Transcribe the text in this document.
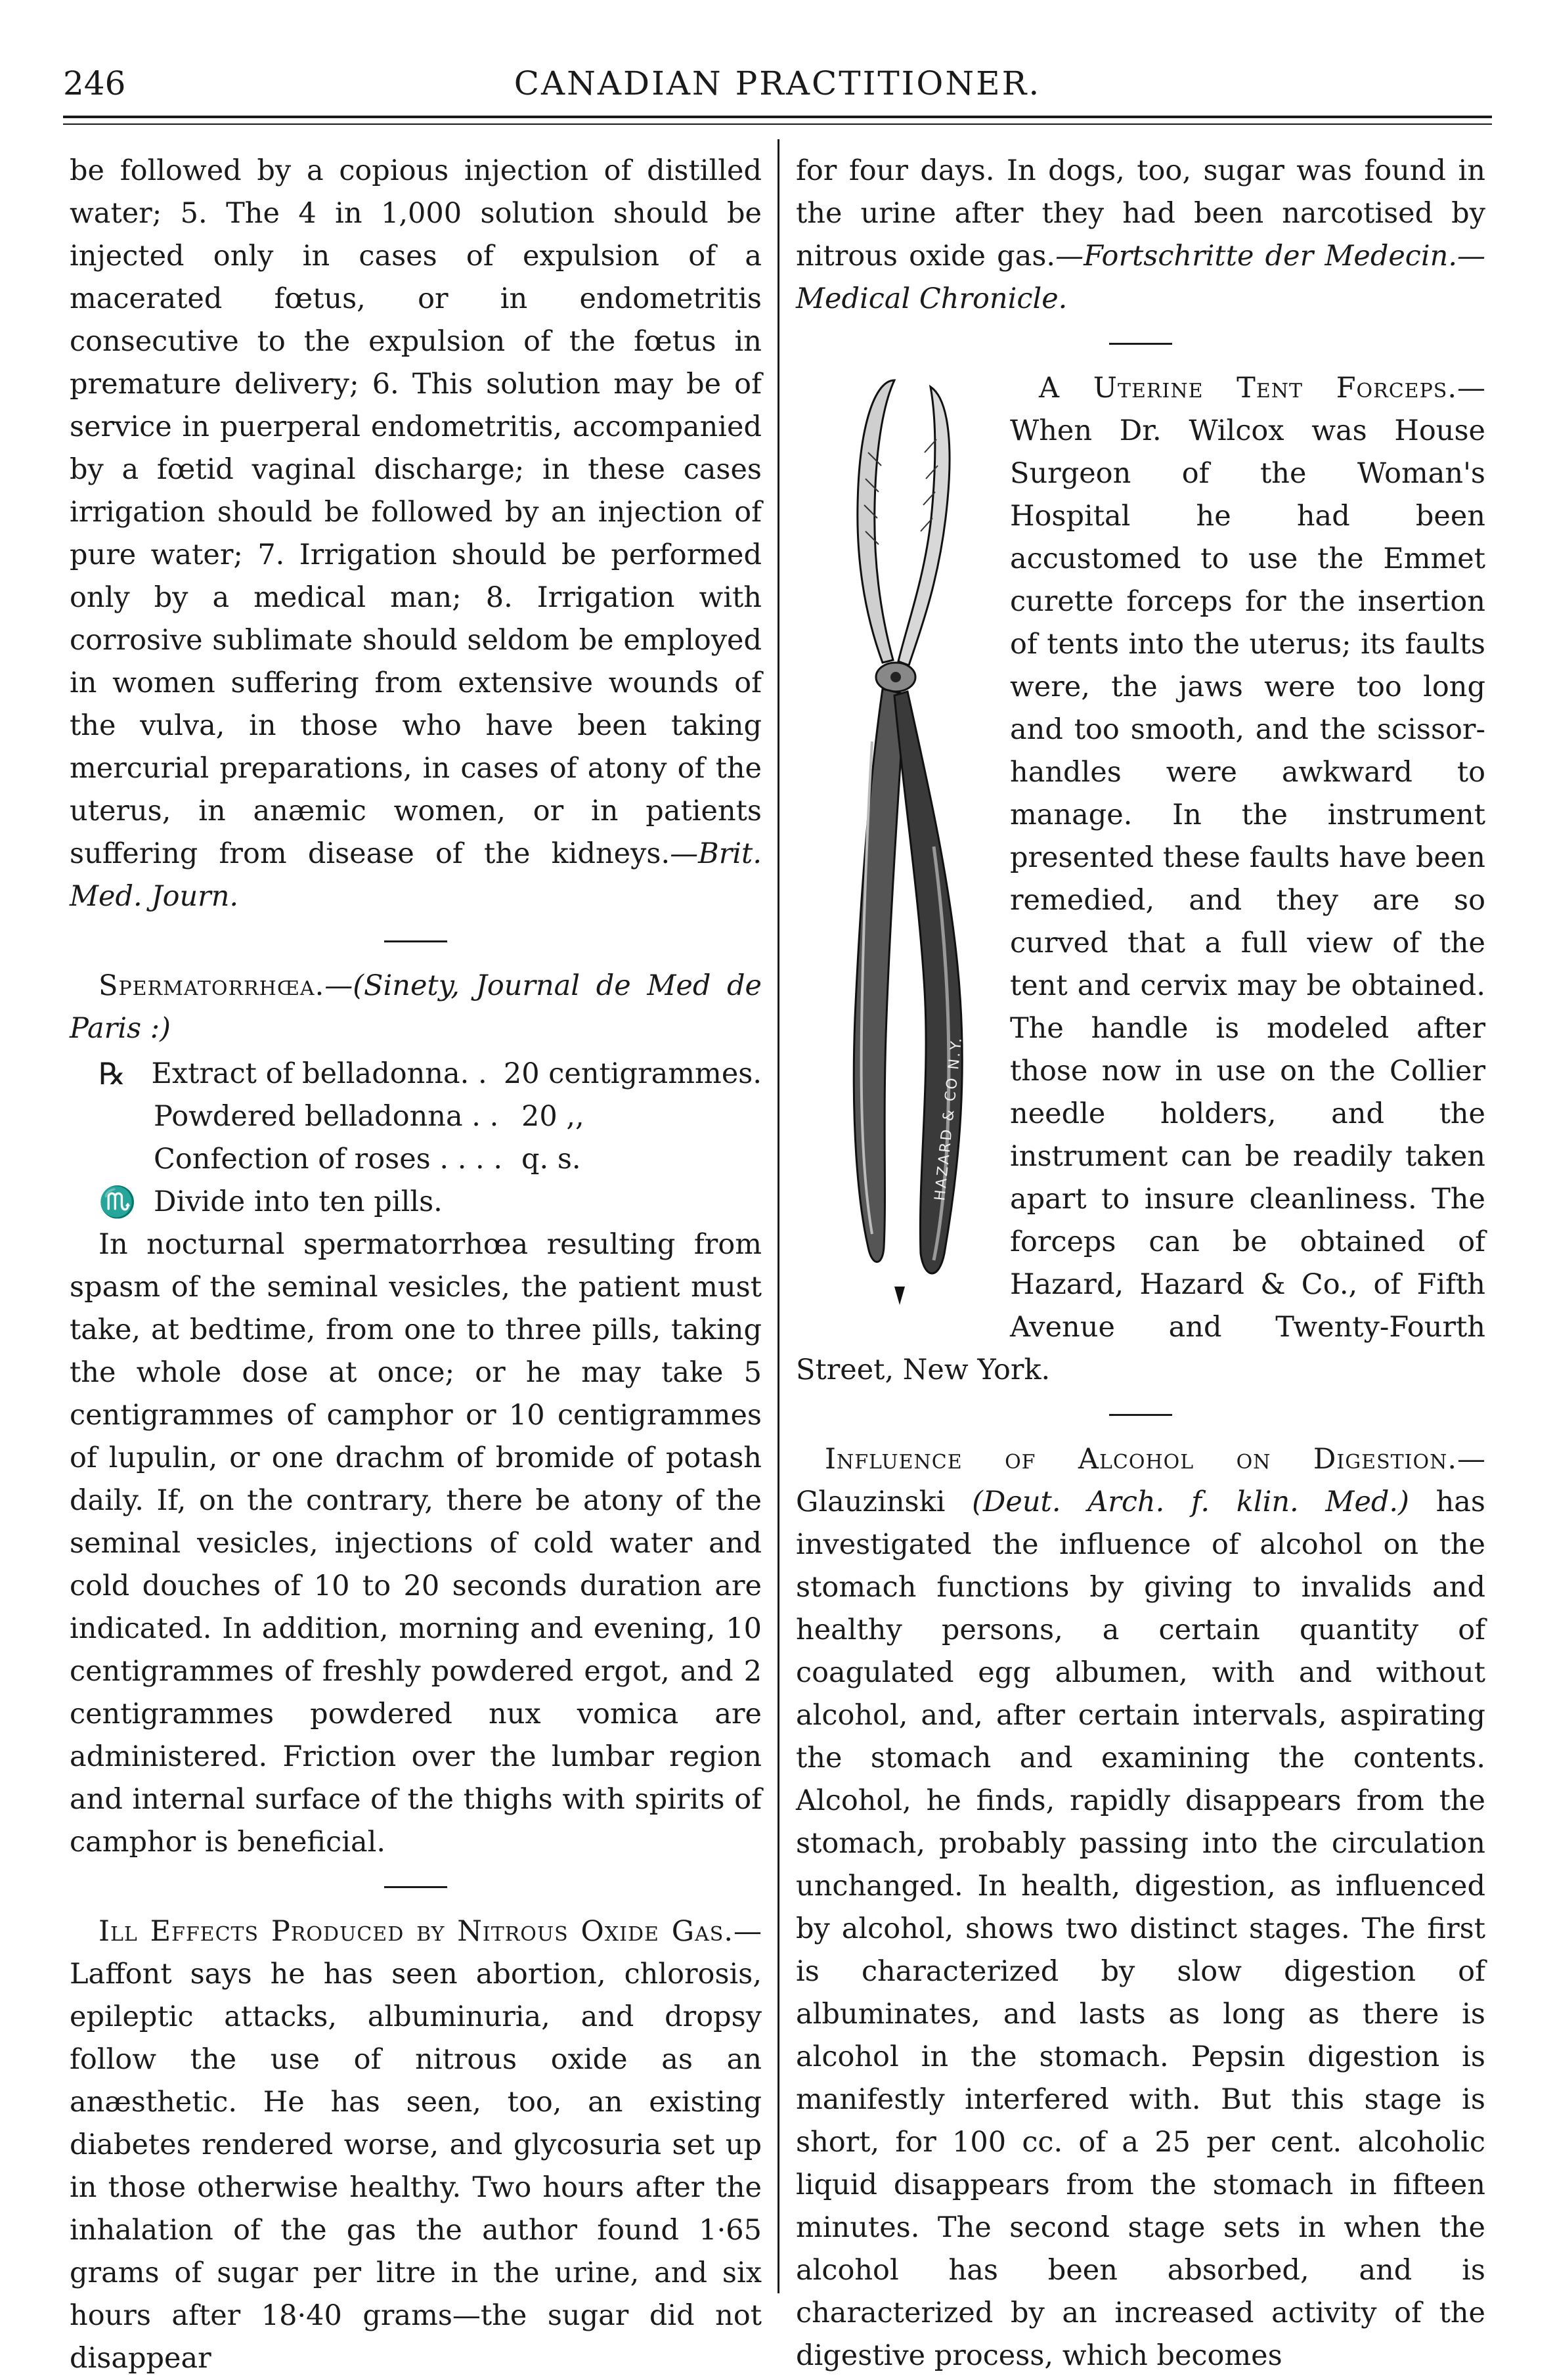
246	CANADIAN PRACTITIONER.

be followed by a copious injection of distilled water; 5. The 4 in 1,000 solution should be injected only in cases of expulsion of a macerated fœtus, or in endometritis consecutive to the expulsion of the fœtus in premature delivery; 6. This solution may be of service in puerperal endometritis, accompanied by a fœtid vaginal discharge; in these cases irrigation should be followed by an injection of pure water; 7. Irrigation should be performed only by a medical man; 8. Irrigation with corrosive sublimate should seldom be employed in women suffering from extensive wounds of the vulva, in those who have been taking mercurial preparations, in cases of atony of the uterus, in anæmic women, or in patients suffering from disease of the kidneys.—Brit. Med. Journ.

Spermatorrhœa.—(Sinety, Journal de Med de Paris :)

℞ Extract of belladonna. . 20 centigrammes.
Powdered belladonna . . 20 ,,
Confection of roses . . . . q. s.
♏ Divide into ten pills.

In nocturnal spermatorrhœa resulting from spasm of the seminal vesicles, the patient must take, at bedtime, from one to three pills, taking the whole dose at once; or he may take 5 centigrammes of camphor or 10 centigrammes of lupulin, or one drachm of bromide of potash daily. If, on the contrary, there be atony of the seminal vesicles, injections of cold water and cold douches of 10 to 20 seconds duration are indicated. In addition, morning and evening, 10 centigrammes of freshly powdered ergot, and 2 centigrammes powdered nux vomica are administered. Friction over the lumbar region and internal surface of the thighs with spirits of camphor is beneficial.

Ill Effects Produced by Nitrous Oxide Gas.—Laffont says he has seen abortion, chlorosis, epileptic attacks, albuminuria, and dropsy follow the use of nitrous oxide as an anæsthetic. He has seen, too, an existing diabetes rendered worse, and glycosuria set up in those otherwise healthy. Two hours after the inhalation of the gas the author found 1·65 grams of sugar per litre in the urine, and six hours after 18·40 grams—the sugar did not disappear

for four days. In dogs, too, sugar was found in the urine after they had been narcotised by nitrous oxide gas.—Fortschritte der Medecin.—Medical Chronicle.

HAZARD & CO N.Y.

A Uterine Tent Forceps.—When Dr. Wilcox was House Surgeon of the Woman's Hospital he had been accustomed to use the Emmet curette forceps for the insertion of tents into the uterus; its faults were, the jaws were too long and too smooth, and the scissor-handles were awkward to manage. In the instrument presented these faults have been remedied, and they are so curved that a full view of the tent and cervix may be obtained. The handle is modeled after those now in use on the Collier needle holders, and the instrument can be readily taken apart to insure cleanliness. The forceps can be obtained of Hazard, Hazard & Co., of Fifth Avenue and Twenty-Fourth Street, New York.

Influence of Alcohol on Digestion.—Glauzinski (Deut. Arch. f. klin. Med.) has investigated the influence of alcohol on the stomach functions by giving to invalids and healthy persons, a certain quantity of coagulated egg albumen, with and without alcohol, and, after certain intervals, aspirating the stomach and examining the contents. Alcohol, he finds, rapidly disappears from the stomach, probably passing into the circulation unchanged. In health, digestion, as influenced by alcohol, shows two distinct stages. The first is characterized by slow digestion of albuminates, and lasts as long as there is alcohol in the stomach. Pepsin digestion is manifestly interfered with. But this stage is short, for 100 cc. of a 25 per cent. alcoholic liquid disappears from the stomach in fifteen minutes. The second stage sets in when the alcohol has been absorbed, and is characterized by an increased activity of the digestive process, which becomes
